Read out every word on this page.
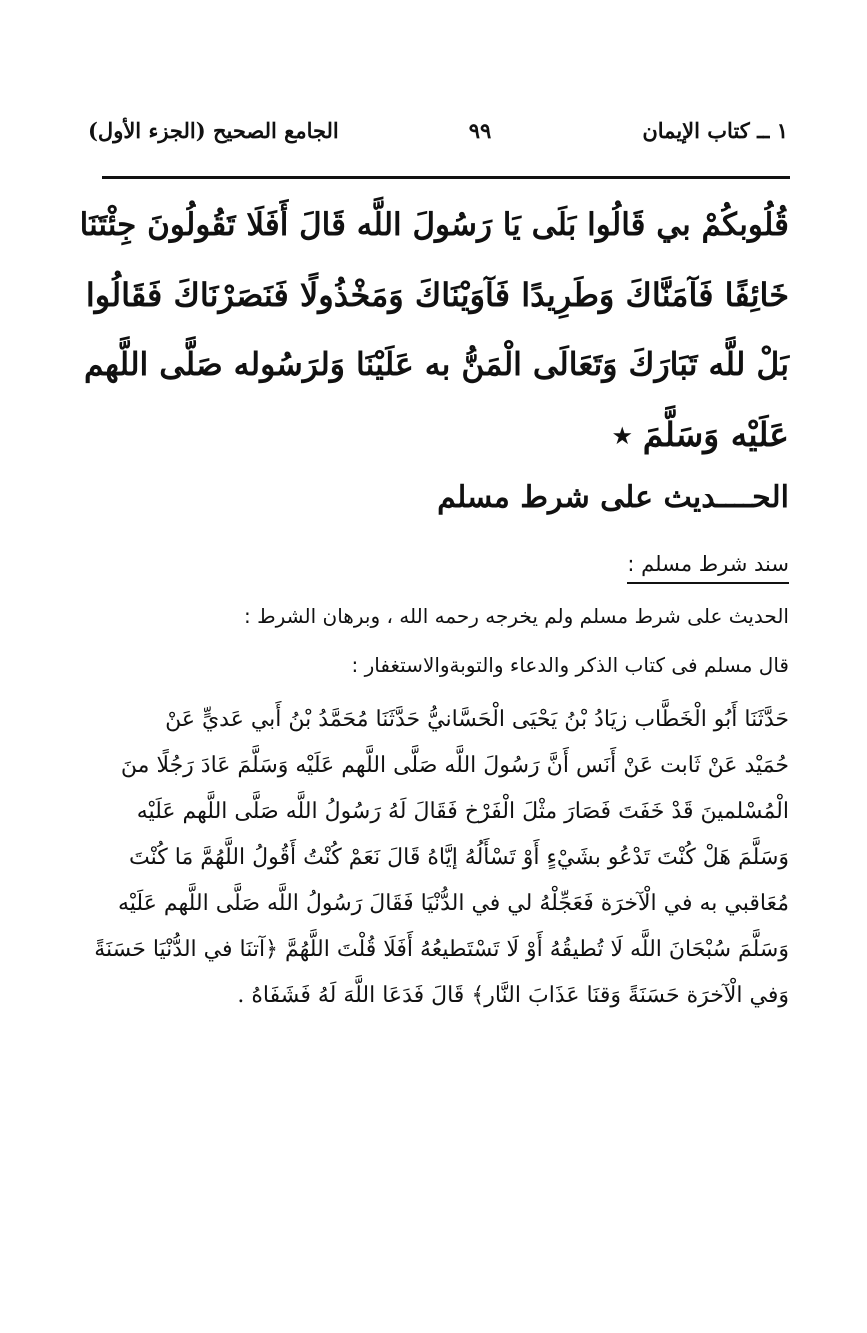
١ ــ كتاب الإيمان
٩٩
الجامع الصحيح (الجزء الأول)
قُلُوبكُمْ بي قَالُوا بَلَى يَا رَسُولَ اللَّه قَالَ أَفَلَا تَقُولُونَ جِئْتَنَا
خَائِفًا فَآمَنَّاكَ وَطَرِيدًا فَآوَيْنَاكَ وَمَخْذُولًا فَنَصَرْنَاكَ فَقَالُوا
بَلْ للَّه تَبَارَكَ وَتَعَالَى الْمَنُّ به عَلَيْنَا وَلرَسُوله صَلَّى اللَّهم
عَلَيْه وَسَلَّمَ ٭
الحــــديث على شرط مسلم
سند شرط مسلم :
الحديث على شرط مسلم ولم يخرجه رحمه الله ، وبرهان الشرط :
قال مسلم فى كتاب الذكر والدعاء والتوبةوالاستغفار :
حَدَّثَنَا أَبُو الْخَطَّاب زيَادُ بْنُ يَحْيَى الْحَسَّانيُّ حَدَّثَنَا مُحَمَّدُ بْنُ أَبي عَديٍّ عَنْ
حُمَيْد عَنْ ثَابت عَنْ أَنَس أَنَّ رَسُولَ اللَّه صَلَّى اللَّهم عَلَيْه وَسَلَّمَ عَادَ رَجُلًا منَ
الْمُسْلمينَ قَدْ خَفَتَ فَصَارَ مثْلَ الْفَرْخ فَقَالَ لَهُ رَسُولُ اللَّه صَلَّى اللَّهم عَلَيْه
وَسَلَّمَ هَلْ كُنْتَ تَدْعُو بشَيْءٍ أَوْ تَسْأَلُهُ إيَّاهُ قَالَ نَعَمْ كُنْتُ أَقُولُ اللَّهُمَّ مَا كُنْتَ
مُعَاقبي به في الْآخرَة فَعَجِّلْهُ لي في الدُّنْيَا فَقَالَ رَسُولُ اللَّه صَلَّى اللَّهم عَلَيْه
وَسَلَّمَ سُبْحَانَ اللَّه لَا تُطيقُهُ أَوْ لَا تَسْتَطيعُهُ أَفَلَا قُلْتَ اللَّهُمَّ ﴿آتنَا في الدُّنْيَا حَسَنَةً
وَفي الْآخرَة حَسَنَةً وَقنَا عَذَابَ النَّار﴾ قَالَ فَدَعَا اللَّهَ لَهُ فَشَفَاهُ .
